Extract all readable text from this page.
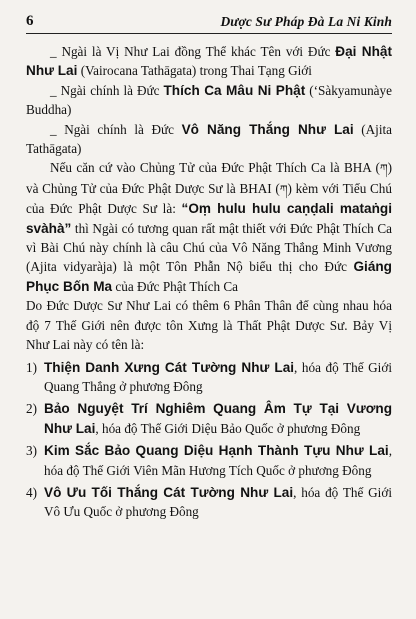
6	Dược Sư Pháp Đà La Ni Kinh

_ Ngài là Vị Như Lai đồng Thể khác Tên với Đức Đại Nhật Như Lai (Vairocana Tathāgata) trong Thai Tạng Giới

_ Ngài chính là Đức Thích Ca Mâu Ni Phật (‘Sàkyamunàye Buddha)

_ Ngài chính là Đức Vô Năng Thắng Như Lai (Ajita Tathāgata)

Nếu căn cứ vào Chủng Tử của Đức Phật Thích Ca là BHA (ཀ) và Chủng Tử của Đức Phật Dược Sư là BHAI (ཀ) kèm với Tiểu Chú của Đức Phật Dược Sư là: “Oṃ hulu hulu caṇḍali mataṅgi svàhà” thì Ngài có tương quan rất mật thiết với Đức Phật Thích Ca vì Bài Chú này chính là câu Chú của Vô Năng Thắng Minh Vương (Ajita vidyaràja) là một Tôn Phẫn Nộ biểu thị cho Đức Giáng Phục Bốn Ma của Đức Phật Thích Ca

Do Đức Dược Sư Như Lai có thêm 6 Phân Thân để cùng nhau hóa độ 7 Thế Giới nên được tôn Xưng là Thất Phật Dược Sư. Bảy Vị Như Lai này có tên là:

1) Thiện Danh Xưng Cát Tường Như Lai, hóa độ Thế Giới Quang Thắng ở phương Đông
2) Bảo Nguyệt Trí Nghiêm Quang Âm Tự Tại Vương Như Lai, hóa độ Thế Giới Diệu Bảo Quốc ở phương Đông
3) Kim Sắc Bảo Quang Diệu Hạnh Thành Tựu Như Lai, hóa độ Thế Giới Viên Mãn Hương Tích Quốc ở phương Đông
4) Vô Ưu Tối Thắng Cát Tường Như Lai, hóa độ Thế Giới Vô Ưu Quốc ở phương Đông
